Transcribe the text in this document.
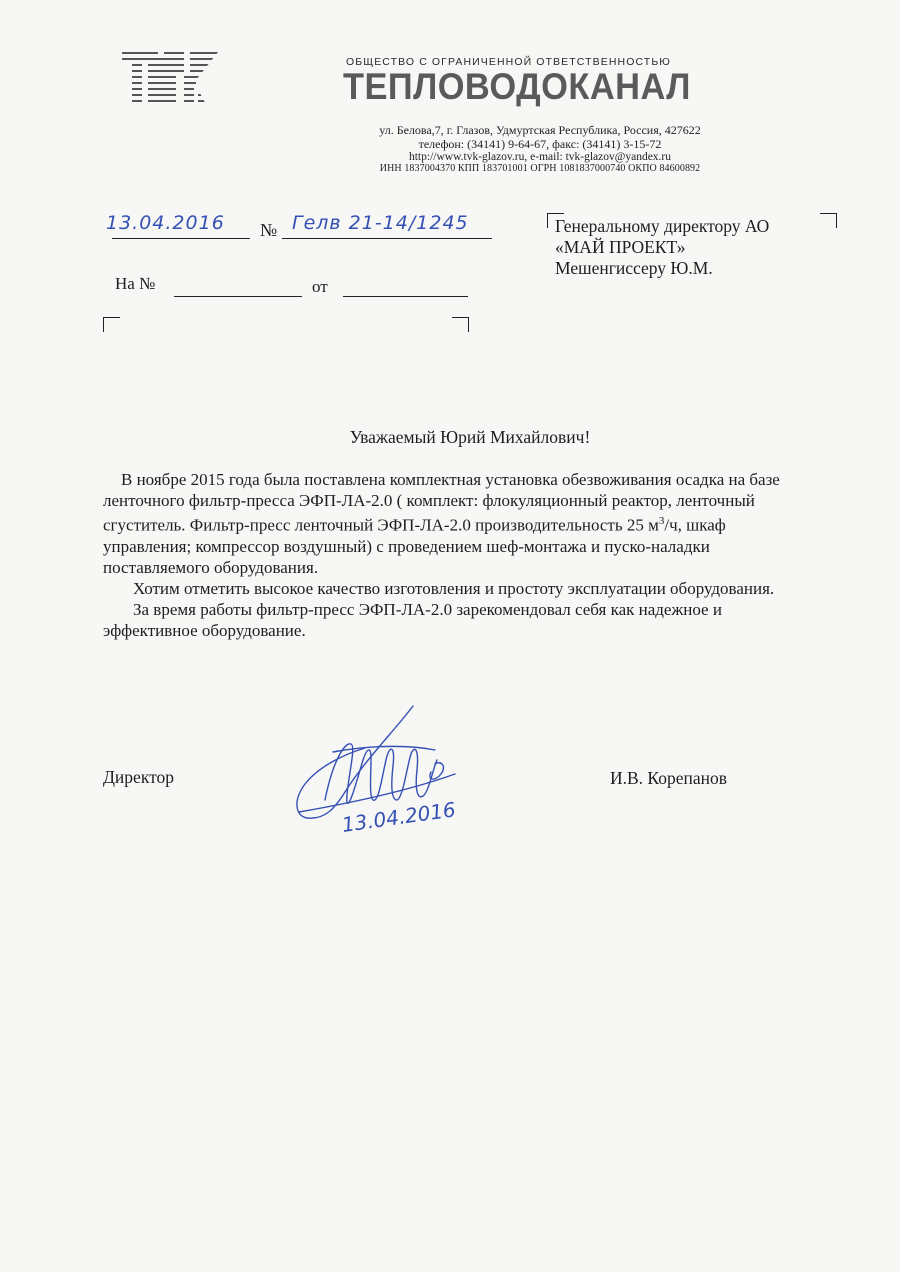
ОБЩЕСТВО С ОГРАНИЧЕННОЙ ОТВЕТСТВЕННОСТЬЮ
ТЕПЛОВОДОКАНАЛ
ул. Белова,7, г. Глазов, Удмуртская Республика, Россия, 427622
телефон: (34141) 9-64-67, факс: (34141) 3-15-72
http://www.tvk-glazov.ru, e-mail: tvk-glazov@yandex.ru
ИНН 1837004370 КПП 183701001 ОГРН 1081837000740 ОКПО 84600892
13.04.2016 № Гелв 21-14/1245
На №	от
Генеральному директору АО
«МАЙ ПРОЕКТ»
Мешенгиссеру Ю.М.
Уважаемый Юрий Михайлович!
В ноябре 2015 года была поставлена комплектная установка обезвоживания осадка на базе
ленточного фильтр-пресса ЭФП-ЛА-2.0 ( комплект: флокуляционный реактор, ленточный
сгуститель. Фильтр-пресс ленточный ЭФП-ЛА-2.0 производительность 25 $м^3/ч$, шкаф
управления; компрессор воздушный) с проведением шеф-монтажа и пуско-наладки
поставляемого оборудования.
Хотим отметить высокое качество изготовления и простоту эксплуатации оборудования.
За время работы фильтр-пресс ЭФП-ЛА-2.0 зарекомендовал себя как надежное и
эффективное оборудование.
Директор	И.В. Корепанов
13.04.2016
